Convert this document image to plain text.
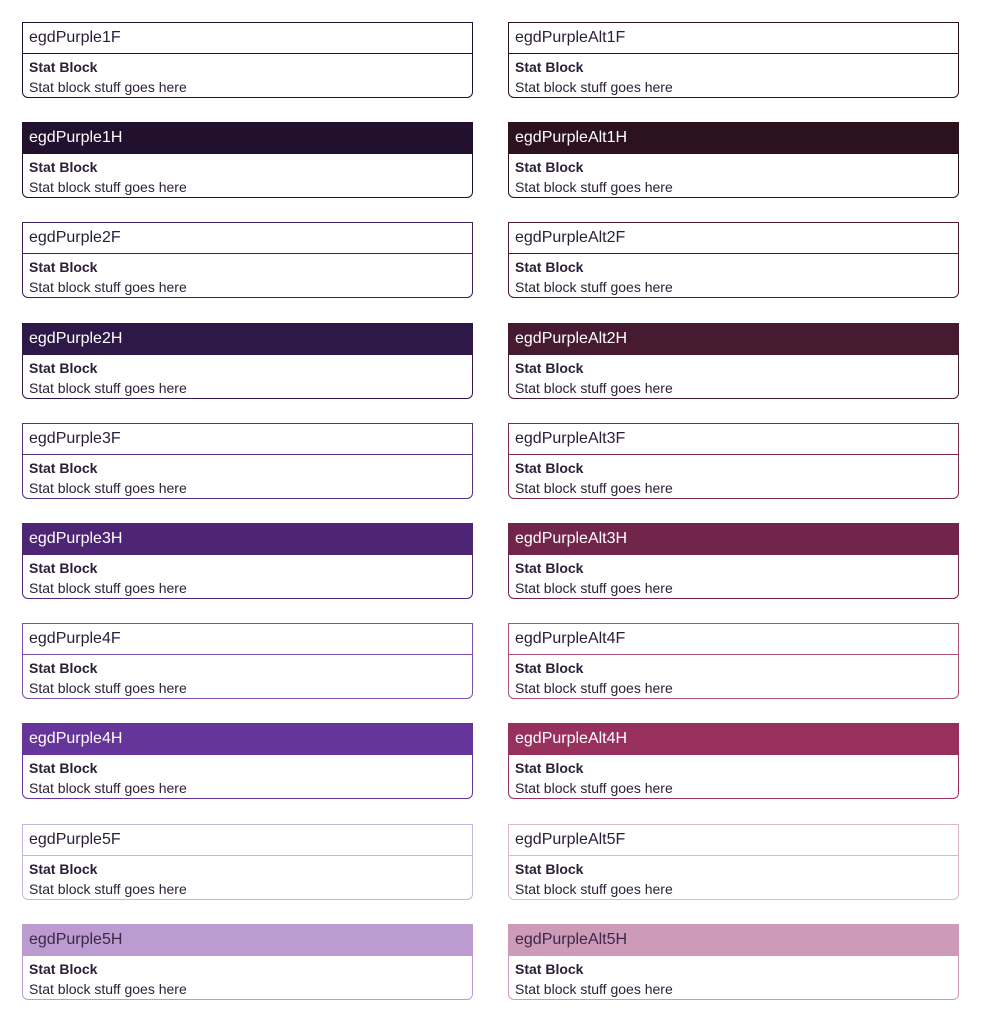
egdPurple1F
Stat Block
Stat block stuff goes here
egdPurple1H
Stat Block
Stat block stuff goes here
egdPurple2F
Stat Block
Stat block stuff goes here
egdPurple2H
Stat Block
Stat block stuff goes here
egdPurple3F
Stat Block
Stat block stuff goes here
egdPurple3H
Stat Block
Stat block stuff goes here
egdPurple4F
Stat Block
Stat block stuff goes here
egdPurple4H
Stat Block
Stat block stuff goes here
egdPurple5F
Stat Block
Stat block stuff goes here
egdPurple5H
Stat Block
Stat block stuff goes here
egdPurpleAlt1F
Stat Block
Stat block stuff goes here
egdPurpleAlt1H
Stat Block
Stat block stuff goes here
egdPurpleAlt2F
Stat Block
Stat block stuff goes here
egdPurpleAlt2H
Stat Block
Stat block stuff goes here
egdPurpleAlt3F
Stat Block
Stat block stuff goes here
egdPurpleAlt3H
Stat Block
Stat block stuff goes here
egdPurpleAlt4F
Stat Block
Stat block stuff goes here
egdPurpleAlt4H
Stat Block
Stat block stuff goes here
egdPurpleAlt5F
Stat Block
Stat block stuff goes here
egdPurpleAlt5H
Stat Block
Stat block stuff goes here
